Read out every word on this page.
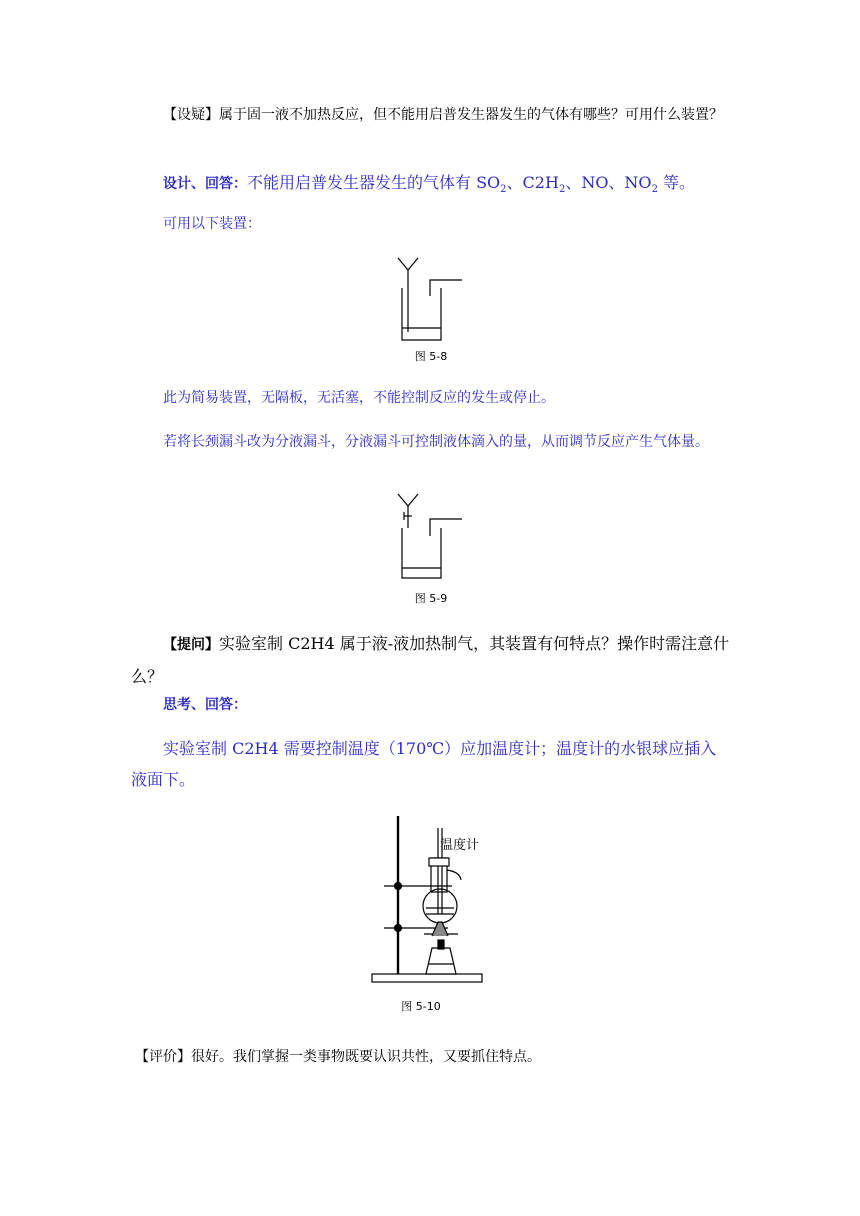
【设疑】属于固一液不加热反应，但不能用启普发生器发生的气体有哪些？可用什么装置？

设计、回答：不能用启普发生器发生的气体有 $SO_2$、$C2H_2$、NO、$NO_2$ 等。

可用以下装置：

图 5-8

此为简易装置，无隔板，无活塞，不能控制反应的发生或停止。

若将长颈漏斗改为分液漏斗，分液漏斗可控制液体滴入的量，从而调节反应产生气体量。

图 5-9

【提问】实验室制 C2H4 属于液-液加热制气，其装置有何特点？操作时需注意什么？

思考、回答：

实验室制 C2H4 需要控制温度（170℃）应加温度计；温度计的水银球应插入液面下。

温度计
图 5-10

【评价】很好。我们掌握一类事物既要认识共性，又要抓住特点。
